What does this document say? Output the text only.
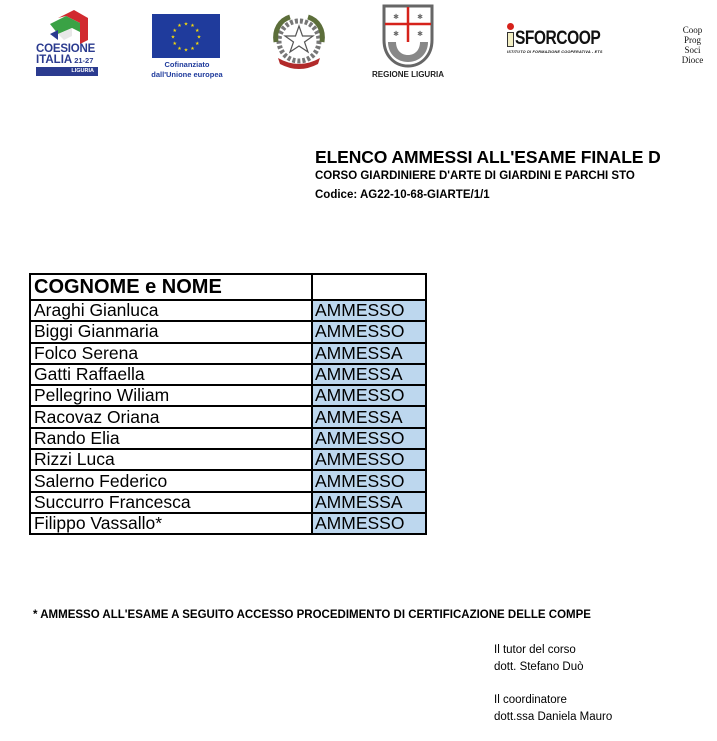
COESIONE
ITALIA $^{21-27}$
LIGURIA
★ ★
★
★
★
★
★
★
★
★
★
★
Cofinanziato
dall'Unione europea
✱	✱
✱	✱
REGIONE LIGURIA
SFORCOOP
ISTITUTO DI FORMAZIONE COOPERATIVA - ETS
Coop
Prog
Soci
Dioce
ELENCO AMMESSI ALL'ESAME FINALE D
CORSO GIARDINIERE D'ARTE DI GIARDINI E PARCHI STO
Codice: AG22-10-68-GIARTE/1/1
COGNOME e NOME	
Araghi Gianluca	AMMESSO
Biggi Gianmaria	AMMESSO
Folco Serena	AMMESSA
Gatti Raffaella	AMMESSA
Pellegrino Wiliam	AMMESSO
Racovaz Oriana	AMMESSA
Rando Elia	AMMESSO
Rizzi Luca	AMMESSO
Salerno Federico	AMMESSO
Succurro Francesca	AMMESSA
Filippo Vassallo*	AMMESSO
* AMMESSO ALL'ESAME A SEGUITO ACCESSO PROCEDIMENTO DI CERTIFICAZIONE DELLE COMPE
Il tutor del corso
dott. Stefano Duò
Il coordinatore
dott.ssa Daniela Mauro
